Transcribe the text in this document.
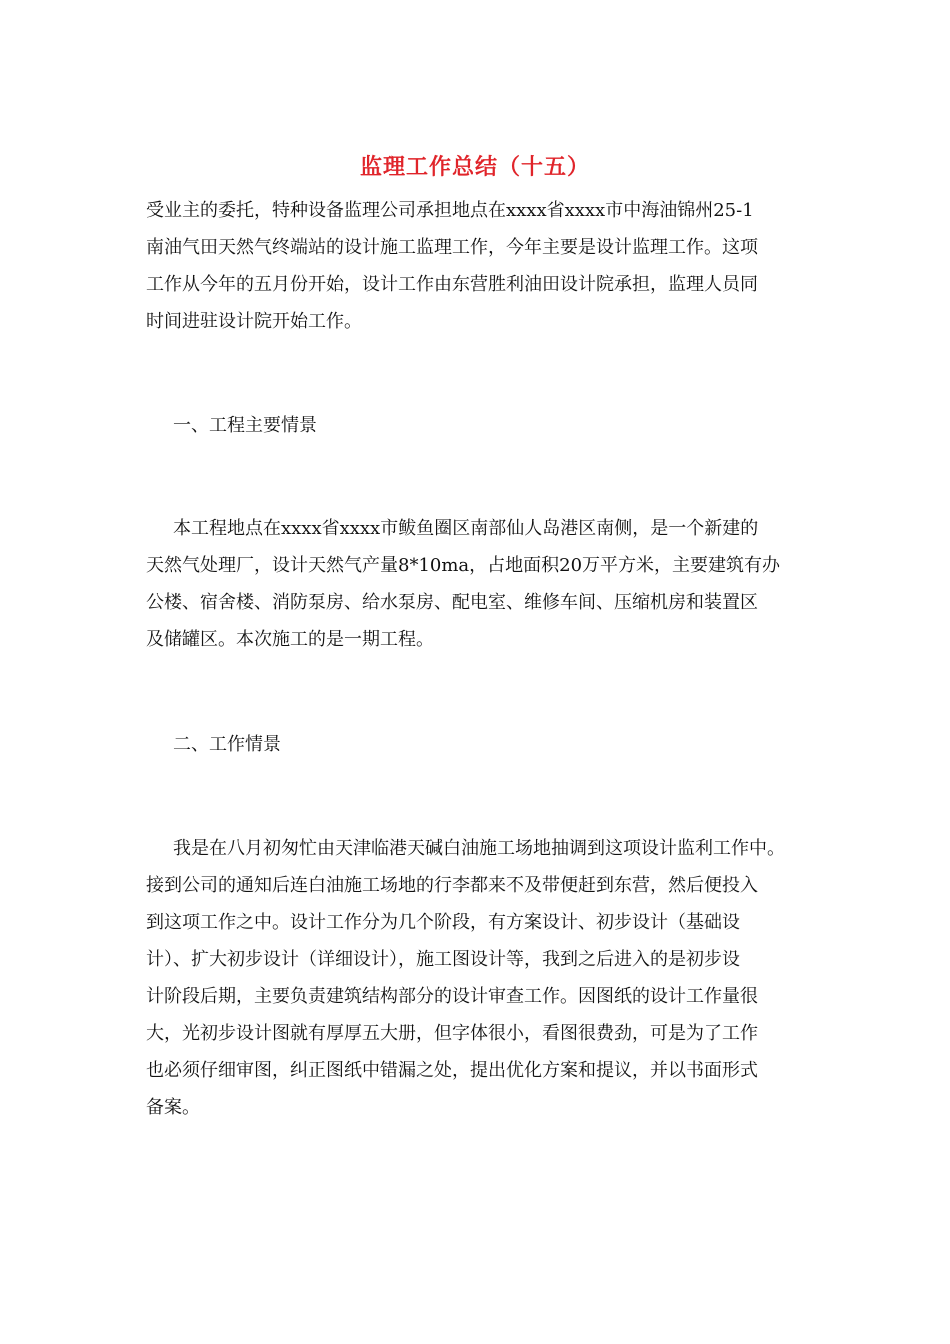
监理工作总结（十五）
受业主的委托，特种设备监理公司承担地点在xxxx省xxxx市中海油锦州25-1
南油气田天然气终端站的设计施工监理工作，今年主要是设计监理工作。这项
工作从今年的五月份开始，设计工作由东营胜利油田设计院承担，监理人员同
时间进驻设计院开始工作。
一、工程主要情景
本工程地点在xxxx省xxxx市鲅鱼圈区南部仙人岛港区南侧，是一个新建的
天然气处理厂，设计天然气产量8*10ma，占地面积20万平方米，主要建筑有办
公楼、宿舍楼、消防泵房、给水泵房、配电室、维修车间、压缩机房和装置区
及储罐区。本次施工的是一期工程。
二、工作情景
我是在八月初匆忙由天津临港天碱白油施工场地抽调到这项设计监利工作中。
接到公司的通知后连白油施工场地的行李都来不及带便赶到东营，然后便投入
到这项工作之中。设计工作分为几个阶段，有方案设计、初步设计（基础设
计）、扩大初步设计（详细设计），施工图设计等，我到之后进入的是初步设
计阶段后期，主要负责建筑结构部分的设计审查工作。因图纸的设计工作量很
大，光初步设计图就有厚厚五大册，但字体很小，看图很费劲，可是为了工作
也必须仔细审图，纠正图纸中错漏之处，提出优化方案和提议，并以书面形式
备案。
